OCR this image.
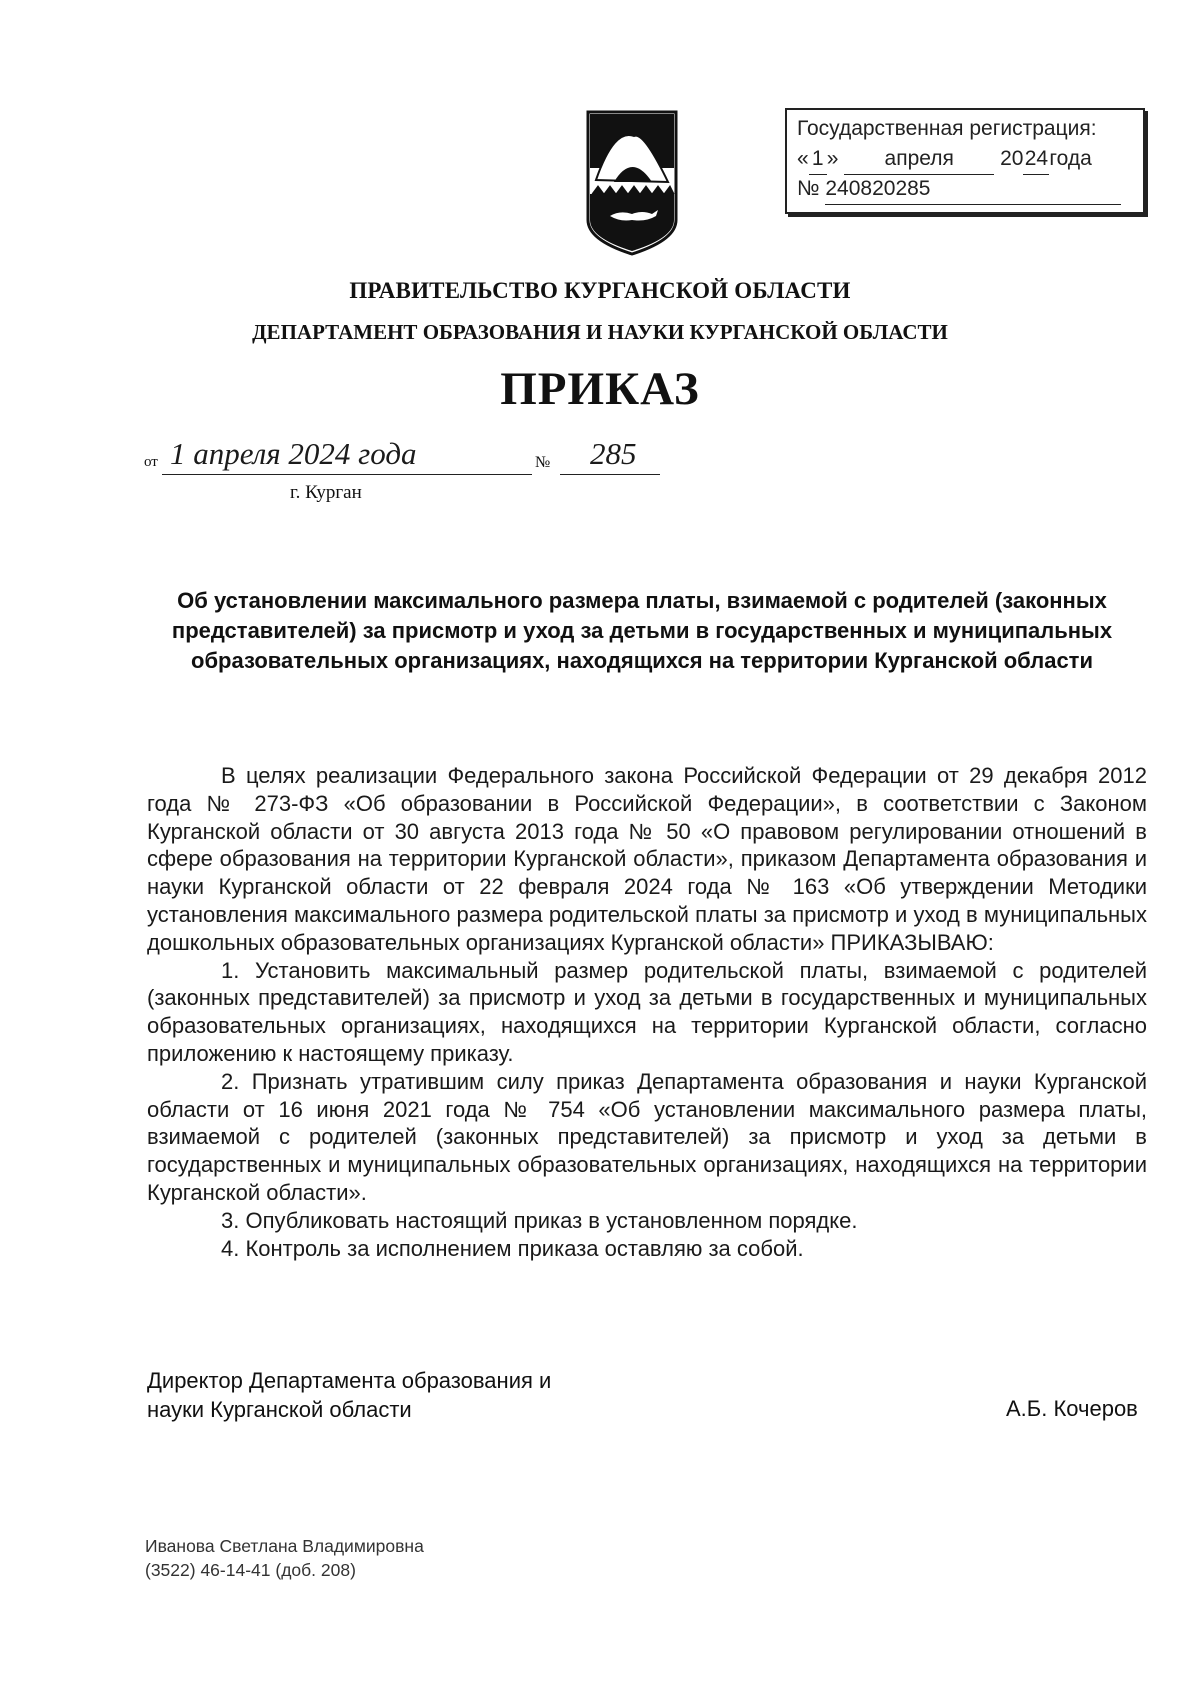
Государственная регистрация:
« 1 » апреля 2024года
№ 240820285
ПРАВИТЕЛЬСТВО КУРГАНСКОЙ ОБЛАСТИ
ДЕПАРТАМЕНТ ОБРАЗОВАНИЯ И НАУКИ КУРГАНСКОЙ ОБЛАСТИ
ПРИКАЗ
от 1 апреля 2024 года	№ 285
г. Курган
Об установлении максимального размера платы, взимаемой с родителей (законных представителей) за присмотр и уход за детьми в государственных и муниципальных образовательных организациях, находящихся на территории Курганской области

В целях реализации Федерального закона Российской Федерации от 29 декабря 2012 года № 273-ФЗ «Об образовании в Российской Федерации», в соответствии с Законом Курганской области от 30 августа 2013 года № 50 «О правовом регулировании отношений в сфере образования на территории Курганской области», приказом Департамента образования и науки Курганской области от 22 февраля 2024 года № 163 «Об утверждении Методики установления максимального размера родительской платы за присмотр и уход в муниципальных дошкольных образовательных организациях Курганской области» ПРИКАЗЫВАЮ:

1. Установить максимальный размер родительской платы, взимаемой с родителей (законных представителей) за присмотр и уход за детьми в государственных и муниципальных образовательных организациях, находящихся на территории Курганской области, согласно приложению к настоящему приказу.

2. Признать утратившим силу приказ Департамента образования и науки Курганской области от 16 июня 2021 года № 754 «Об установлении максимального размера платы, взимаемой с родителей (законных представителей) за присмотр и уход за детьми в государственных и муниципальных образовательных организациях, находящихся на территории Курганской области».

3. Опубликовать настоящий приказ в установленном порядке.

4. Контроль за исполнением приказа оставляю за собой.

Директор Департамента образования и
науки Курганской области	А.Б. Кочеров
Иванова Светлана Владимировна
(3522) 46-14-41 (доб. 208)
